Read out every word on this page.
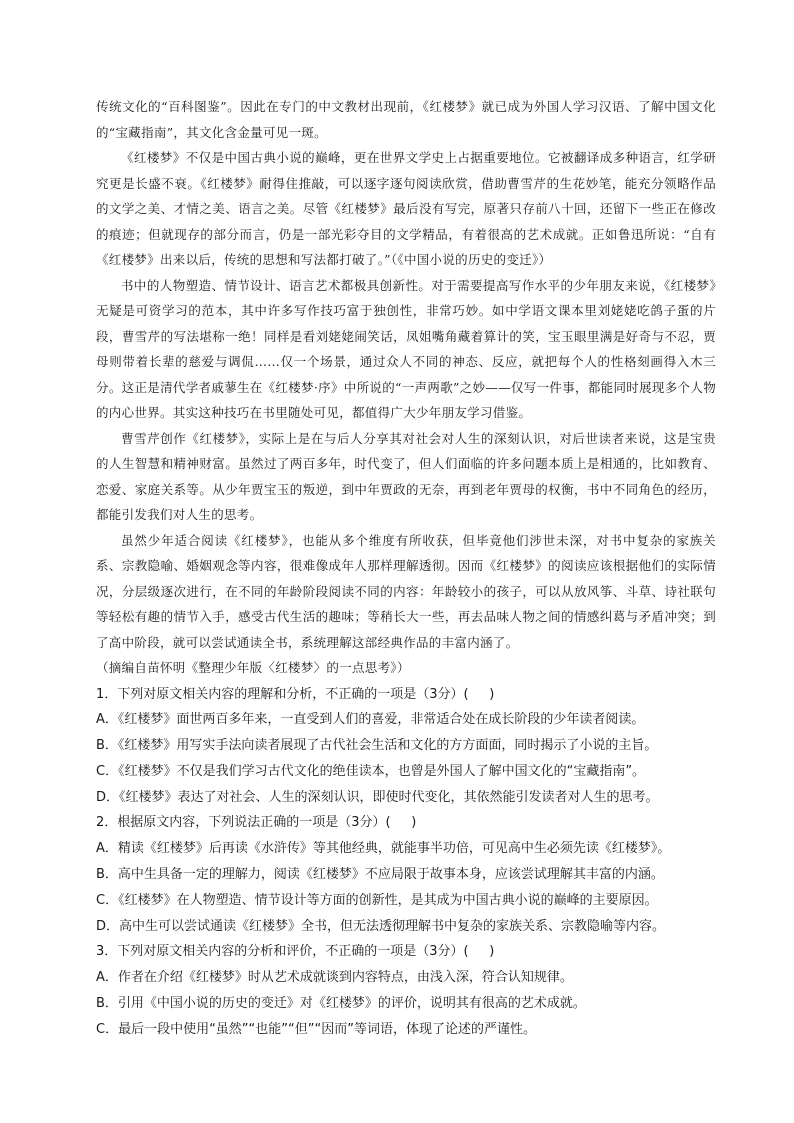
传统文化的“百科图鉴”。因此在专门的中文教材出现前，《红楼梦》就已成为外国人学习汉语、了解中国文化的“宝藏指南”，其文化含金量可见一斑。

《红楼梦》不仅是中国古典小说的巅峰，更在世界文学史上占据重要地位。它被翻译成多种语言，红学研究更是长盛不衰。《红楼梦》耐得住推敲，可以逐字逐句阅读欣赏，借助曹雪芹的生花妙笔，能充分领略作品的文学之美、才情之美、语言之美。尽管《红楼梦》最后没有写完，原著只存前八十回，还留下一些正在修改的痕迹；但就现存的部分而言，仍是一部光彩夺目的文学精品，有着很高的艺术成就。正如鲁迅所说：“自有《红楼梦》出来以后，传统的思想和写法都打破了。”（《中国小说的历史的变迁》）

书中的人物塑造、情节设计、语言艺术都极具创新性。对于需要提高写作水平的少年朋友来说，《红楼梦》无疑是可资学习的范本，其中许多写作技巧富于独创性，非常巧妙。如中学语文课本里刘姥姥吃鸽子蛋的片段，曹雪芹的写法堪称一绝！同样是看刘姥姥闹笑话，凤姐嘴角藏着算计的笑，宝玉眼里满是好奇与不忍，贾母则带着长辈的慈爱与调侃……仅一个场景，通过众人不同的神态、反应，就把每个人的性格刻画得入木三分。这正是清代学者戚蓼生在《红楼梦·序》中所说的“一声两歌”之妙——仅写一件事，都能同时展现多个人物的内心世界。其实这种技巧在书里随处可见，都值得广大少年朋友学习借鉴。

曹雪芹创作《红楼梦》，实际上是在与后人分享其对社会对人生的深刻认识，对后世读者来说，这是宝贵的人生智慧和精神财富。虽然过了两百多年，时代变了，但人们面临的许多问题本质上是相通的，比如教育、恋爱、家庭关系等。从少年贾宝玉的叛逆，到中年贾政的无奈，再到老年贾母的权衡，书中不同角色的经历，都能引发我们对人生的思考。

虽然少年适合阅读《红楼梦》，也能从多个维度有所收获，但毕竟他们涉世未深，对书中复杂的家族关系、宗教隐喻、婚姻观念等内容，很难像成年人那样理解透彻。因而《红楼梦》的阅读应该根据他们的实际情况，分层级逐次进行，在不同的年龄阶段阅读不同的内容：年龄较小的孩子，可以从放风筝、斗草、诗社联句等轻松有趣的情节入手，感受古代生活的趣味；等稍长大一些，再去品味人物之间的情感纠葛与矛盾冲突；到了高中阶段，就可以尝试通读全书，系统理解这部经典作品的丰富内涵了。

（摘编自苗怀明《整理少年版〈红楼梦〉的一点思考》）

1．下列对原文相关内容的理解和分析，不正确的一项是（3分）(     )

A．《红楼梦》面世两百多年来，一直受到人们的喜爱，非常适合处在成长阶段的少年读者阅读。

B．《红楼梦》用写实手法向读者展现了古代社会生活和文化的方方面面，同时揭示了小说的主旨。

C．《红楼梦》不仅是我们学习古代文化的绝佳读本，也曾是外国人了解中国文化的“宝藏指南”。

D．《红楼梦》表达了对社会、人生的深刻认识，即使时代变化，其依然能引发读者对人生的思考。

2．根据原文内容，下列说法正确的一项是（3分）(     )

A．精读《红楼梦》后再读《水浒传》等其他经典，就能事半功倍，可见高中生必须先读《红楼梦》。

B．高中生具备一定的理解力，阅读《红楼梦》不应局限于故事本身，应该尝试理解其丰富的内涵。

C．《红楼梦》在人物塑造、情节设计等方面的创新性，是其成为中国古典小说的巅峰的主要原因。

D．高中生可以尝试通读《红楼梦》全书，但无法透彻理解书中复杂的家族关系、宗教隐喻等内容。

3．下列对原文相关内容的分析和评价，不正确的一项是（3分）(     )

A．作者在介绍《红楼梦》时从艺术成就谈到内容特点，由浅入深，符合认知规律。

B．引用《中国小说的历史的变迁》对《红楼梦》的评价，说明其有很高的艺术成就。

C．最后一段中使用“虽然”“也能”“但”“因而”等词语，体现了论述的严谨性。
